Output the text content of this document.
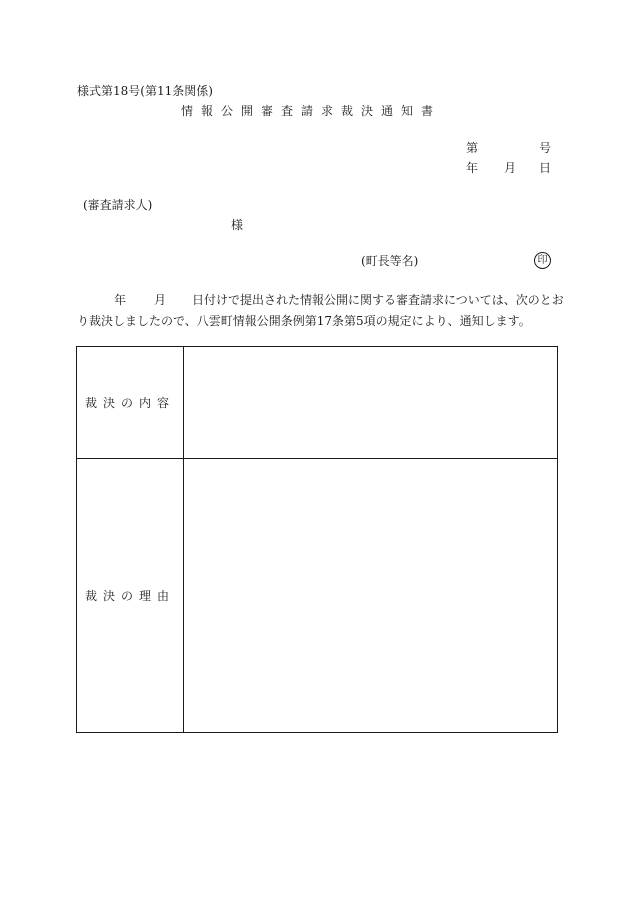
様式第18号(第11条関係)
情報公開審査請求裁決通知書
第	号
年 月 日
(審査請求人)
様
(町長等名)	印

年 月 日付けで提出された情報公開に関する審査請求については、次のとお

り裁決しましたので、八雲町情報公開条例第17条第5項の規定により、通知します。

裁決の内容	
裁決の理由	
